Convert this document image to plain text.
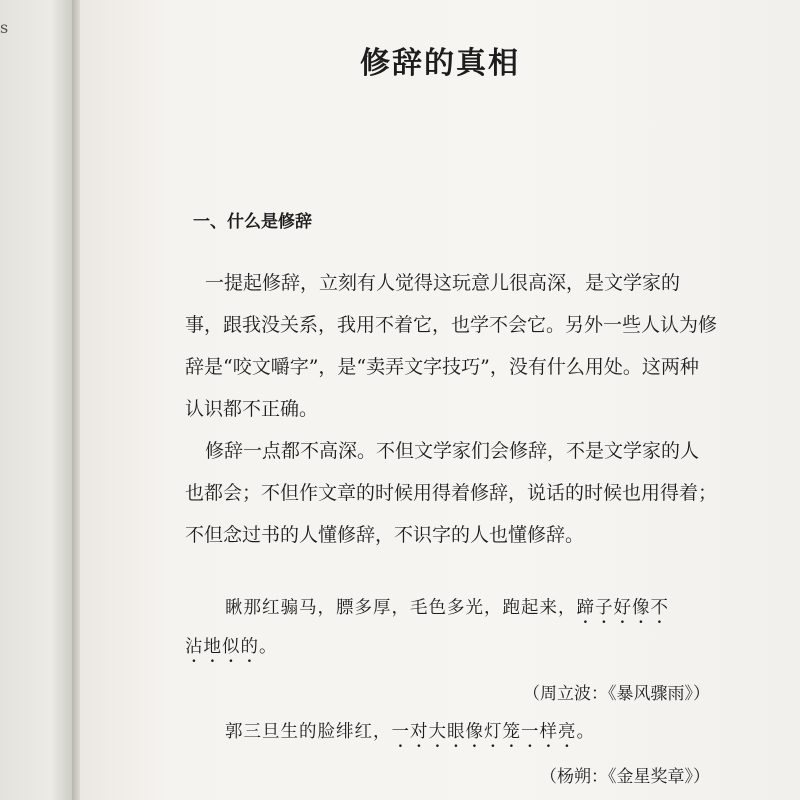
s
修辞的真相
一、什么是修辞
一提起修辞，立刻有人觉得这玩意儿很高深，是文学家的
事，跟我没关系，我用不着它，也学不会它。另外一些人认为修
辞是“咬文嚼字”，是“卖弄文字技巧”，没有什么用处。这两种
认识都不正确。
修辞一点都不高深。不但文学家们会修辞，不是文学家的人
也都会；不但作文章的时候用得着修辞，说话的时候也用得着；
不但念过书的人懂修辞，不识字的人也懂修辞。
瞅那红骟马，膘多厚，毛色多光，跑起来，蹄子好像不
沾地似的。
（周立波：《暴风骤雨》）
郭三旦生的脸绯红，一对大眼像灯笼一样亮。
（杨朔：《金星奖章》）
